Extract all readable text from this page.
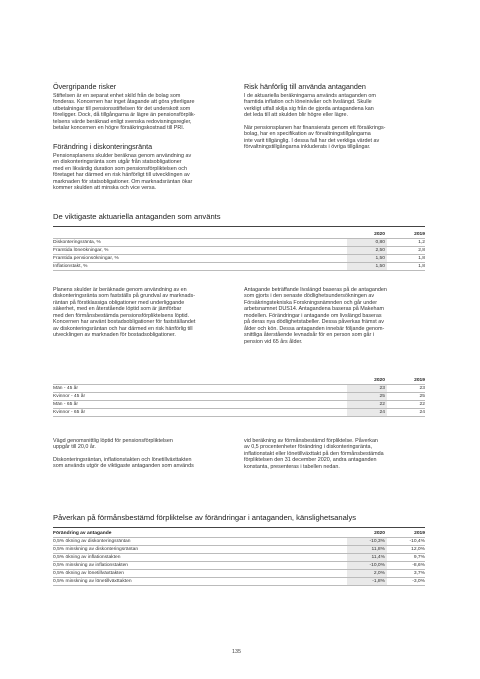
Övergripande risker
Stiftelsen är en separat enhet skild från de bolag som
fonderas. Koncernen har inget åtagande att göra ytterligare
utbetalningar till pensionsstiftelsen för det underskott som
föreligger. Dock, då tillgångarna är lägre än pensionsförplik-
telsens värde beräknad enligt svenska redovisningsregler,
betalar koncernen en högre försäkringskostnad till PRI.
Förändring i diskonteringsränta
Pensionsplanens skulder beräknas genom användning av
en diskonteringsränta som utgår från statsobligationer
med en likvärdig duration som pensionsförpliktelsen och
företaget har därmed en risk hänförligt till utvecklingen av
marknaden för statsobligationer. Om marknadsräntan ökar
kommer skulden att minska och vice versa.
Risk hänförlig till använda antaganden
I de aktuariella beräkningarna används antaganden om
framtida inflation och löneinivåer och livslängd. Skulle
verkligt utfall skilja sig från de gjorda antagandena kan
det leda till att skulden blir högre eller lägre.
När pensionsplanen har finansierats genom ett försäkrings-
bolag, har en specifikation av förvaltningstillgångarna
inte varit tillgänglig. I dessa fall har det verkliga värdet av
förvaltningstillgångarna inkluderats i övriga tillgångar.
De viktigaste aktuariella antaganden som använts
	2020	2019
Diskonteringsränta, %	0,80	1,2
Framtida löneökningar, %	2,50	2,8
Framtida pensionsökningar, %	1,50	1,8
Inflationstakt, %	1,50	1,8
Planens skulder är beräknade genom användning av en
diskonteringsränta som fastställs på grundval av marknads-
räntan på förstklassiga obligationer med underliggande
säkerhet, med en återstående löptid som är jämförbar
med den förmånsbestämda pensionsförpliktelsens löptid.
Koncernen har använt bostadsobligationer för fastställandet
av diskonteringsräntan och har därmed en risk hänförlig till
utvecklingen av marknaden för bostadsobligationer.
Antagande beträffande livslängd baseras på de antaganden
som gjorts i den senaste dödlighetsundersökningen av
Försäkringstekniska Forskningsnämnden och går under
arbetsnamnet DUS14. Antagandena baseras på Makeham
modellen. Förändringar i antagande om livslängd baseras
på deras nya dödlighetstabeller. Dessa påverkas främst av
ålder och kön. Dessa antaganden innebär följande genom-
snittliga återstående levnadsår för en person som går i
pension vid 65 års ålder.
	2020	2019
Män - 45 år	23	23
Kvinnor - 45 år	25	25
Män - 65 år	22	22
Kvinnor - 65 år	24	24
Vägd genomsnittlig löptid för pensionsförpliktelsen
uppgår till 20,0 år.
Diskonteringsräntan, inflationstakten och lönetillväxttakten
som används utgör de viktigaste antaganden som används
vid beräkning av förmånsbestämd förpliktelse. Påverkan
av 0,5 procentenheter förändring i diskonteringsränta,
inflationstakt eller lönetillväxttakt på den förmånsbestämda
förpliktelsen den 31 december 2020, andra antaganden
konstanta, presenteras i tabellen nedan.
Påverkan på förmånsbestämd förpliktelse av förändringar i antaganden, känslighetsanalys
Förändring av antagande	2020	2019
0,5% ökning av diskonteringsräntan	-10,3%	-10,4%
0,5% minskning av diskonteringsräntan	11,8%	12,0%
0,5% ökning av inflationstakten	11,4%	9,7%
0,5% minskning av inflationstakten	-10,0%	-8,6%
0,5% ökning av lönetillväxttakten	2,0%	3,7%
0,5% minskning av lönetillväxttakten	-1,8%	-3,0%
135
